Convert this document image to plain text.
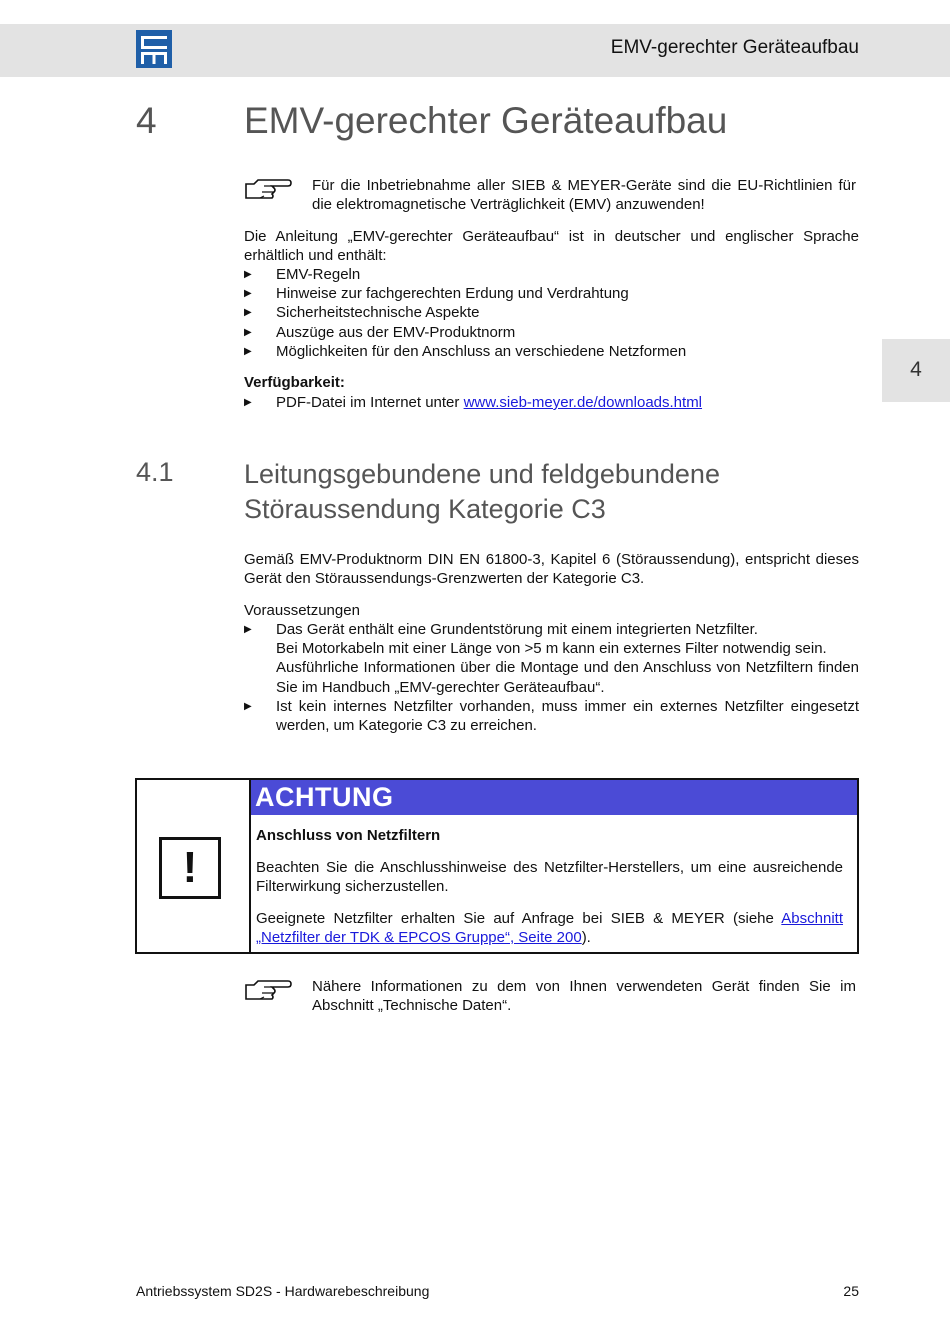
EMV-gerechter Geräteaufbau
4 EMV-gerechter Geräteaufbau
4
Für die Inbetriebnahme aller SIEB & MEYER-Geräte sind die EU-Richtlinien für die elektromagnetische Verträglichkeit (EMV) anzuwenden!
Die Anleitung „EMV-gerechter Geräteaufbau“ ist in deutscher und englischer Sprache erhältlich und enthält:
▶ EMV-Regeln
▶ Hinweise zur fachgerechten Erdung und Verdrahtung
▶ Sicherheitstechnische Aspekte
▶ Auszüge aus der EMV-Produktnorm
▶ Möglichkeiten für den Anschluss an verschiedene Netzformen
Verfügbarkeit:
▶ PDF-Datei im Internet unter www.sieb-meyer.de/downloads.html
4.1	Leitungsgebundene und feldgebundene
Störaussendung Kategorie C3
Gemäß EMV-Produktnorm DIN EN 61800-3, Kapitel 6 (Störaussendung), entspricht dieses Gerät den Störaussendungs-Grenzwerten der Kategorie C3.
Voraussetzungen
▶ Das Gerät enthält eine Grundentstörung mit einem integrierten Netzfilter.
Bei Motorkabeln mit einer Länge von >5 m kann ein externes Filter notwendig sein.
Ausführliche Informationen über die Montage und den Anschluss von Netzfiltern finden Sie im Handbuch „EMV-gerechter Geräteaufbau“.
▶ Ist kein internes Netzfilter vorhanden, muss immer ein externes Netzfilter eingesetzt werden, um Kategorie C3 zu erreichen.
!
ACHTUNG
Anschluss von Netzfiltern
Beachten Sie die Anschlusshinweise des Netzfilter-Herstellers, um eine ausreichende Filterwirkung sicherzustellen.
Geeignete Netzfilter erhalten Sie auf Anfrage bei SIEB & MEYER (siehe Abschnitt „Netzfilter der TDK & EPCOS Gruppe“, Seite 200).
Nähere Informationen zu dem von Ihnen verwendeten Gerät finden Sie im Abschnitt „Technische Daten“.
Antriebssystem SD2S - Hardwarebeschreibung	25
